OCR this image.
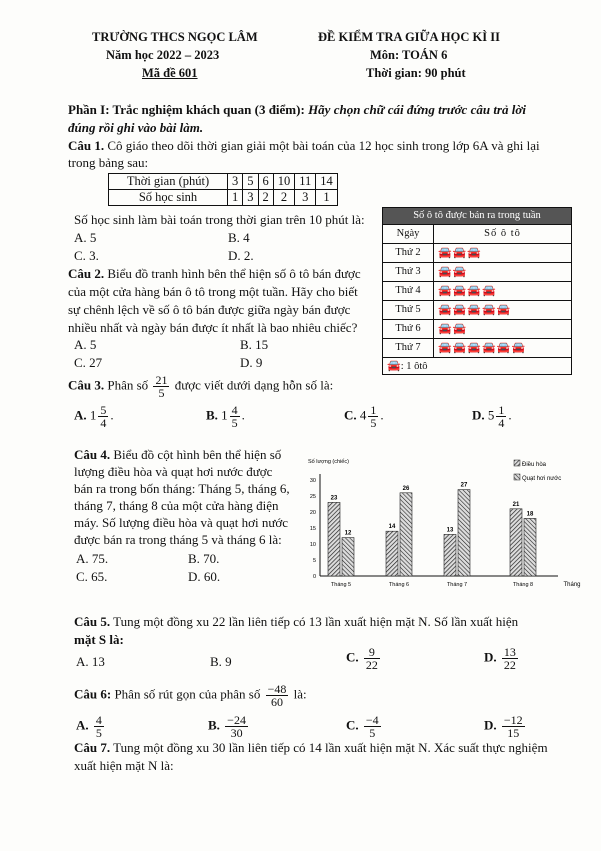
TRƯỜNG THCS NGỌC LÂM
Năm học 2022 – 2023
Mã đề 601
ĐỀ KIỂM TRA GIỮA HỌC KÌ II
Môn: TOÁN 6
Thời gian: 90 phút
Phần I: Trắc nghiệm khách quan (3 điểm): Hãy chọn chữ cái đứng trước câu trả lời
đúng rồi ghi vào bài làm.
Câu 1. Cô giáo theo dõi thời gian giải một bài toán của 12 học sinh trong lớp 6A và ghi lại
trong bảng sau:
Thời gian (phút)	3	5	6	10	11	14
Số học sinh	1	3	2	2	3	1
Số học sinh làm bài toán trong thời gian trên 10 phút là:
A. 5	B. 4
C. 3.	D. 2.
Số ô tô được bán ra trong tuần
Ngày	Số ô tô
Thứ 2	🚘🚘🚘
Thứ 3	🚘🚘
Thứ 4	🚘🚘🚘🚘
Thứ 5	🚘🚘🚘🚘🚘
Thứ 6	🚘🚘
Thứ 7	🚘🚘🚘🚘🚘🚘
🚘: 1 ôtô
Câu 2. Biểu đồ tranh hình bên thể hiện số ô tô bán được
của một cửa hàng bán ô tô trong một tuần. Hãy cho biết
sự chênh lệch về số ô tô bán được giữa ngày bán được
nhiều nhất và ngày bán được ít nhất là bao nhiêu chiếc?
A. 5	B. 15
C. 27	D. 9
Câu 3. Phân số $\frac{21}{5}$ được viết dưới dạng hỗn số là:
A. $1 \frac{5}{4}$ .	B. $1 \frac{4}{5}$ .	C. $4 \frac{1}{5}$ .	D. $5 \frac{1}{4}$ .
Câu 4. Biểu đồ cột hình bên thể hiện số
lượng điều hòa và quạt hơi nước được
bán ra trong bốn tháng: Tháng 5, tháng 6,
tháng 7, tháng 8 của một cửa hàng điện
máy. Số lượng điều hòa và quạt hơi nước
được bán ra trong tháng 5 và tháng 6 là:
A. 75.	B. 70.
C. 65.	D. 60.
Số lượng (chiếc)
0
5
10
15
20
25
30
23
12
Tháng 5
14
26
Tháng 6
13
27
Tháng 7
21
18
Tháng 8	Tháng
Điều hòa
Quạt hơi nước
Câu 5. Tung một đồng xu 22 lần liên tiếp có 13 lần xuất hiện mặt N. Số lần xuất hiện
mặt S là:
A. 13	B. 9	C. $\frac{9}{22}$	D. $\frac{13}{22}$
Câu 6: Phân số rút gọn của phân số $\frac{-48}{60}$ là:
A. $\frac{4}{5}$	B. $\frac{-24}{30}$	C. $\frac{-4}{5}$	D. $\frac{-12}{15}$
Câu 7. Tung một đồng xu 30 lần liên tiếp có 14 lần xuất hiện mặt N. Xác suất thực nghiệm
xuất hiện mặt N là:
